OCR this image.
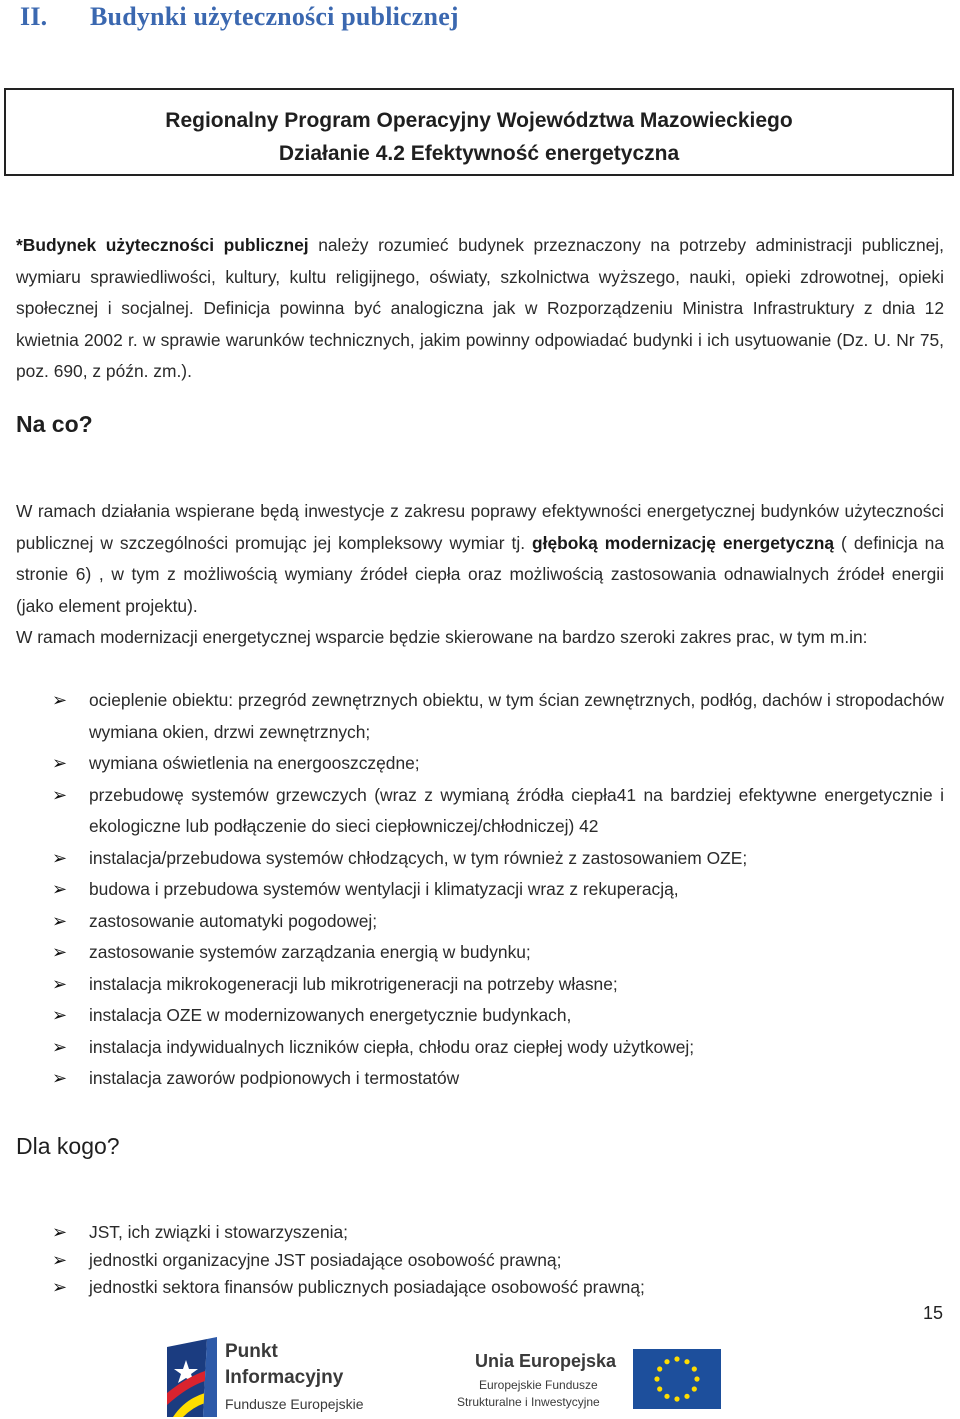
II. Budynki użyteczności publicznej
Regionalny Program Operacyjny Województwa Mazowieckiego
Działanie 4.2 Efektywność energetyczna

*Budynek użyteczności publicznej należy rozumieć budynek przeznaczony na potrzeby administracji publicznej, wymiaru sprawiedliwości, kultury, kultu religijnego, oświaty, szkolnictwa wyższego, nauki, opieki zdrowotnej, opieki społecznej i socjalnej. Definicja powinna być analogiczna jak w Rozporządzeniu Ministra Infrastruktury z dnia 12 kwietnia 2002 r. w sprawie warunków technicznych, jakim powinny odpowiadać budynki i ich usytuowanie (Dz. U. Nr 75, poz. 690, z późn. zm.).

Na co?

W ramach działania wspierane będą inwestycje z zakresu poprawy efektywności energetycznej budynków użyteczności publicznej w szczególności promując jej kompleksowy wymiar tj. głęboką modernizację energetyczną ( definicja na stronie 6) , w tym z możliwością wymiany źródeł ciepła oraz możliwością zastosowania odnawialnych źródeł energii (jako element projektu).

W ramach modernizacji energetycznej wsparcie będzie skierowane na bardzo szeroki zakres prac, w tym m.in:

➢ ocieplenie obiektu: przegród zewnętrznych obiektu, w tym ścian zewnętrznych, podłóg, dachów i stropodachów wymiana okien, drzwi zewnętrznych;
➢ wymiana oświetlenia na energooszczędne;
➢ przebudowę systemów grzewczych (wraz z wymianą źródła ciepła41 na bardziej efektywne energetycznie i ekologiczne lub podłączenie do sieci ciepłowniczej/chłodniczej) 42
➢ instalacja/przebudowa systemów chłodzących, w tym również z zastosowaniem OZE;
➢ budowa i przebudowa systemów wentylacji i klimatyzacji wraz z rekuperacją,
➢ zastosowanie automatyki pogodowej;
➢ zastosowanie systemów zarządzania energią w budynku;
➢ instalacja mikrokogeneracji lub mikrotrigeneracji na potrzeby własne;
➢ instalacja OZE w modernizowanych energetycznie budynkach,
➢ instalacja indywidualnych liczników ciepła, chłodu oraz ciepłej wody użytkowej;
➢ instalacja zaworów podpionowych i termostatów
Dla kogo?
➢ JST, ich związki i stowarzyszenia;
➢ jednostki organizacyjne JST posiadające osobowość prawną;
➢ jednostki sektora finansów publicznych posiadające osobowość prawną;
15
Punkt
Informacyjny
Fundusze Europejskie
Unia Europejska
Europejskie Fundusze
Strukturalne i Inwestycyjne
